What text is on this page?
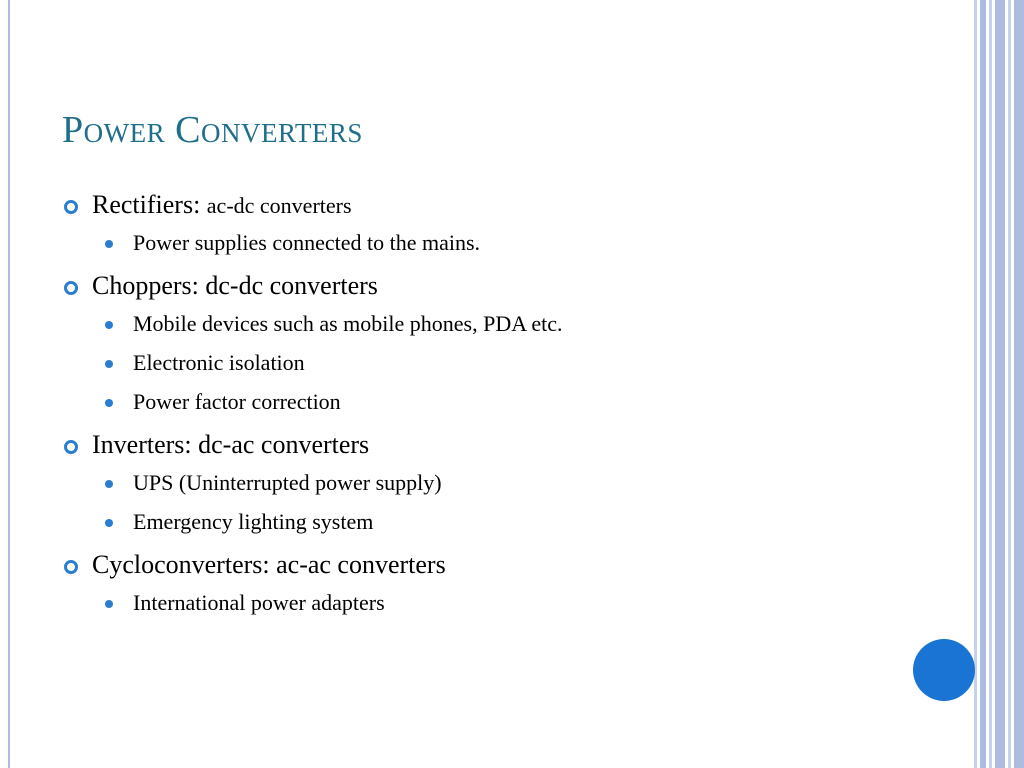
Power Converters
Rectifiers: ac-dc converters
Power supplies connected to the mains.
Choppers: dc-dc converters
Mobile devices such as mobile phones, PDA etc.
Electronic isolation
Power factor correction
Inverters: dc-ac converters
UPS (Uninterrupted power supply)
Emergency lighting system
Cycloconverters: ac-ac converters
International power adapters
